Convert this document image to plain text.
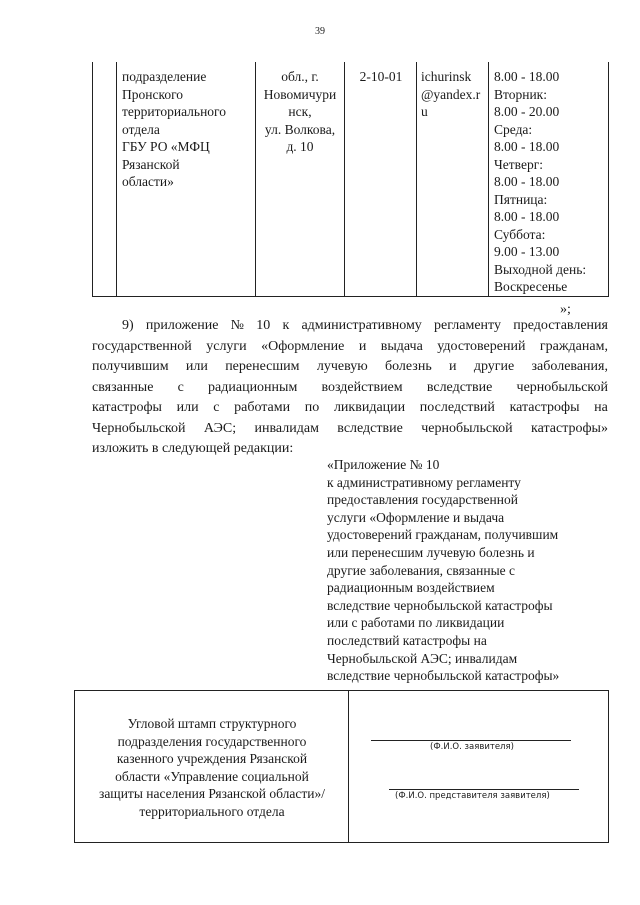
39
подразделение
Пронского
территориального
отдела
ГБУ РО «МФЦ
Рязанской
области»
обл., г.
Новомичури
нск,
ул. Волкова,
д. 10
2-10-01	ichurinsk
@yandex.r
u
8.00 - 18.00
Вторник:
8.00 - 20.00
Среда:
8.00 - 18.00
Четверг:
8.00 - 18.00
Пятница:
8.00 - 18.00
Суббота:
9.00 - 13.00
Выходной день:
Воскресенье
»;
9) приложение № 10 к административному регламенту предоставления
государственной услуги «Оформление и выдача удостоверений гражданам,
получившим или перенесшим лучевую болезнь и другие заболевания,
связанные с радиационным воздействием вследствие чернобыльской
катастрофы или с работами по ликвидации последствий катастрофы на
Чернобыльской АЭС; инвалидам вследствие чернобыльской катастрофы»
изложить в следующей редакции:
«Приложение № 10
к административному регламенту
предоставления государственной
услуги «Оформление и выдача
удостоверений гражданам, получившим
или перенесшим лучевую болезнь и
другие заболевания, связанные с
радиационным воздействием
вследствие чернобыльской катастрофы
или с работами по ликвидации
последствий катастрофы на
Чернобыльской АЭС; инвалидам
вследствие чернобыльской катастрофы»
Угловой штамп структурного
подразделения государственного
казенного учреждения Рязанской
области «Управление социальной
защиты населения Рязанской области»/
территориального отдела
(Ф.И.О. заявителя)
(Ф.И.О. представителя заявителя)
